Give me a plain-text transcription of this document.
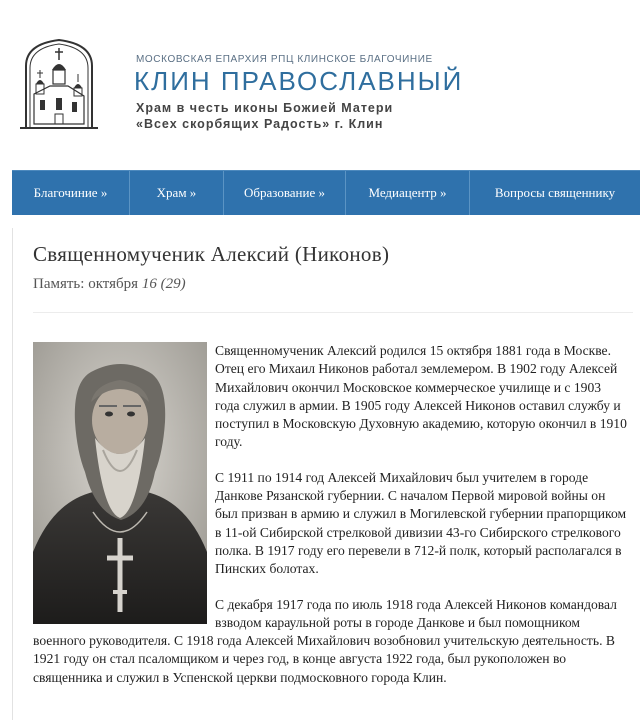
МОСКОВСКАЯ ЕПАРХИЯ РПЦ КЛИНСКОЕ БЛАГОЧИНИЕ
КЛИН ПРАВОСЛАВНЫЙ
Храм в честь иконы Божией Матери
«Всех скорбящих Радость» г. Клин
Благочиние »	Храм »	Образование »	Медиацентр »	Вопросы священнику
Священномученик Алексий (Никонов)
Память: октября 16 (29)

Священномученик Алексий родился 15 октября 1881 года в Москве. Отец его Михаил Никонов работал землемером. В 1902 году Алексей Михайлович окончил Московское коммерческое училище и с 1903 года служил в армии. В 1905 году Алексей Никонов оставил службу и поступил в Московскую Духовную академию, которую окончил в 1910 году.

С 1911 по 1914 год Алексей Михайлович был учителем в городе Данкове Рязанской губернии. С началом Первой мировой войны он был призван в армию и служил в Могилевской губернии прапорщиком в 11-ой Сибирской стрелковой дивизии 43-го Сибирского стрелкового полка. В 1917 году его перевели в 712-й полк, который располагался в Пинских болотах.

С декабря 1917 года по июль 1918 года Алексей Никонов командовал взводом караульной роты в городе Данкове и был помощником военного руководителя. С 1918 года Алексей Михайлович возобновил учительскую деятельность. В 1921 году он стал псаломщиком и через год, в конце августа 1922 года, был рукоположен во священника и служил в Успенской церкви подмосковного города Клин.
